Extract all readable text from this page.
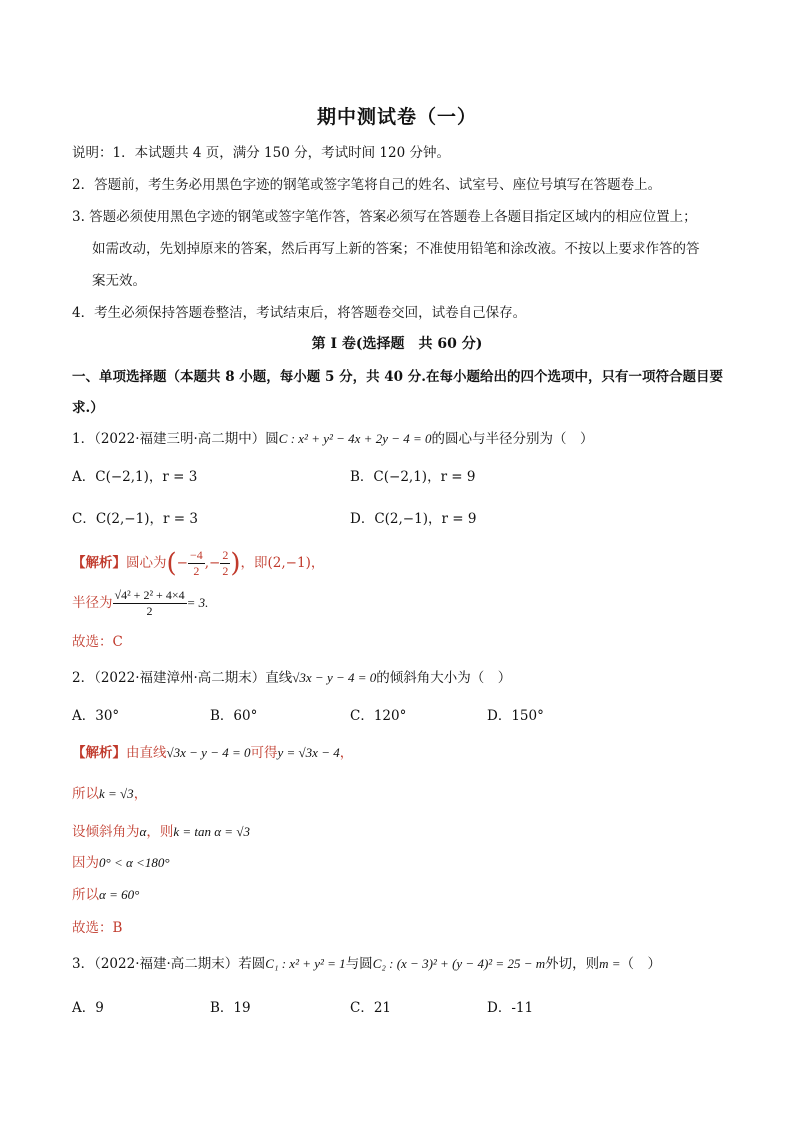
期中测试卷（一）
说明：1．本试题共 4 页，满分 150 分，考试时间 120 分钟。
2．答题前，考生务必用黑色字迹的钢笔或签字笔将自己的姓名、试室号、座位号填写在答题卷上。
3. 答题必须使用黑色字迹的钢笔或签字笔作答，答案必须写在答题卷上各题目指定区域内的相应位置上；
如需改动，先划掉原来的答案，然后再写上新的答案；不准使用铅笔和涂改液。不按以上要求作答的答
案无效。
4．考生必须保持答题卷整洁，考试结束后，将答题卷交回，试卷自己保存。
第 I 卷(选择题　共 60 分)
一、单项选择题（本题共 8 小题，每小题 5 分，共 40 分.在每小题给出的四个选项中，只有一项符合题目要
求.）
1．（2022·福建三明·高二期中）圆C : x² + y² − 4x + 2y − 4 = 0的圆心与半径分别为（　）
A．C(−2,1)，r = 3	B．C(−2,1)，r = 9
C．C(2,−1)，r = 3	D．C(2,−1)，r = 9
【解析】圆心为(− $\frac{-4}{2}$ ,− $\frac{2}{2}$ )，即(2,−1)，
半径为 $\frac{\text{√4² + 2² + 4×4}}{2} = 3$.
故选：C
2．（2022·福建漳州·高二期末）直线√3x − y − 4 = 0的倾斜角大小为（　）
A．30°	B．60°	C．120°	D．150°
【解析】由直线√3x − y − 4 = 0可得y = √3x − 4，
所以k = √3，
设倾斜角为α，则k = tan α = √3
因为0° < α <180°
所以α = 60°
故选：B
3．（2022·福建·高二期末）若圆C₁ : x² + y² = 1与圆C₂ : (x − 3)² + (y − 4)² = 25 − m外切，则m =（　）
A．9	B．19	C．21	D．-11
